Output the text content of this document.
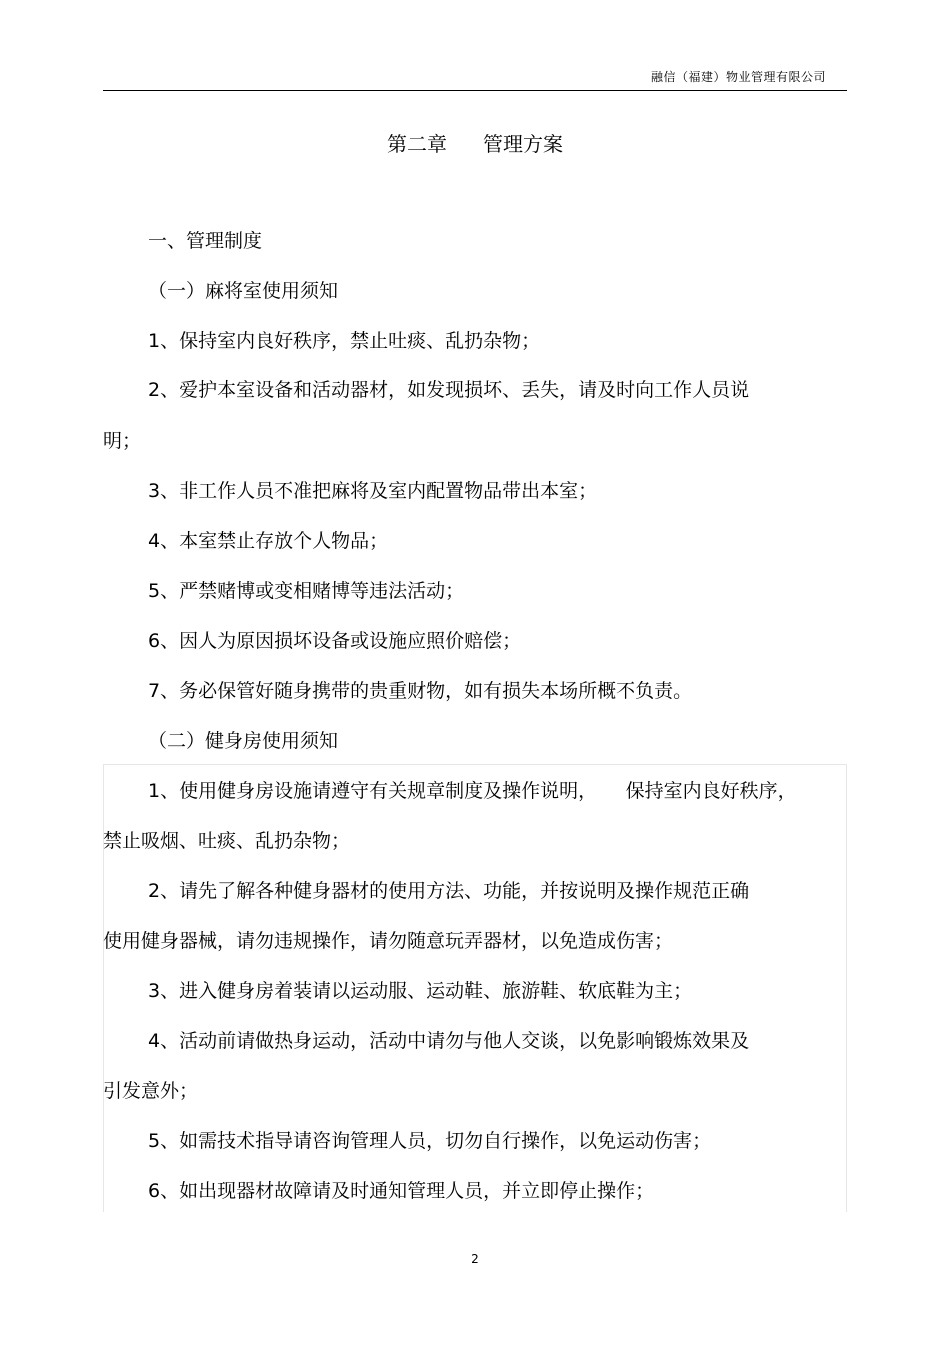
融信（福建）物业管理有限公司
第二章 管理方案
一、管理制度
（一）麻将室使用须知
1、保持室内良好秩序，禁止吐痰、乱扔杂物；
2、爱护本室设备和活动器材，如发现损坏、丢失，请及时向工作人员说
明；
3、非工作人员不准把麻将及室内配置物品带出本室；
4、本室禁止存放个人物品；
5、严禁赌博或变相赌博等违法活动；
6、因人为原因损坏设备或设施应照价赔偿；
7、务必保管好随身携带的贵重财物，如有损失本场所概不负责。
（二）健身房使用须知
1、使用健身房设施请遵守有关规章制度及操作说明，　　保持室内良好秩序，
禁止吸烟、吐痰、乱扔杂物；
2、请先了解各种健身器材的使用方法、功能，并按说明及操作规范正确
使用健身器械，请勿违规操作，请勿随意玩弄器材，以免造成伤害；
3、进入健身房着装请以运动服、运动鞋、旅游鞋、软底鞋为主；
4、活动前请做热身运动，活动中请勿与他人交谈，以免影响锻炼效果及
引发意外；
5、如需技术指导请咨询管理人员，切勿自行操作，以免运动伤害；
6、如出现器材故障请及时通知管理人员，并立即停止操作；
2
